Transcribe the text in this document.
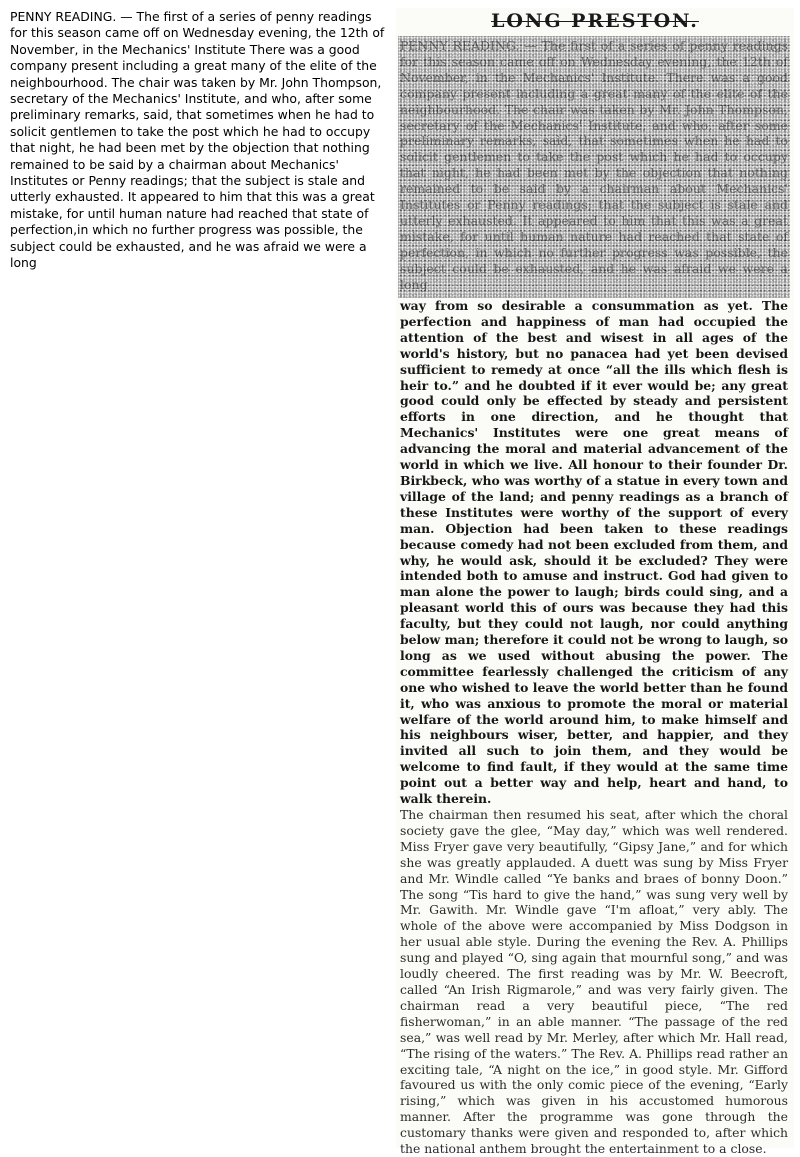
PENNY READING. — The first of a series of penny readings for this season came off on Wednesday evening, the 12th of November, in the Mechanics' Institute There was a good company present including a great many of the elite of the neighbourhood. The chair was taken by Mr. John Thompson, secretary of the Mechanics' Institute, and who, after some preliminary remarks, said, that sometimes when he had to solicit gentlemen to take the post which he had to occupy that night, he had been met by the objection that nothing remained to be said by a chairman about Mechanics' Institutes or Penny readings; that the subject is stale and utterly exhausted. It appeared to him that this was a great mistake, for until human nature had reached that state of perfection,in which no further progress was possible, the subject could be exhausted, and he was afraid we were a long

LONG PRESTON.

PENNY READING. — The first of a series of penny readings for this season came off on Wednesday evening, the 12th of November, in the Mechanics' Institute. There was a good company present including a great many of the elite of the neighbourhood. The chair was taken by Mr. John Thompson, secretary of the Mechanics' Institute, and who, after some preliminary remarks, said, that sometimes when he had to solicit gentlemen to take the post which he had to occupy that night, he had been met by the objection that nothing remained to be said by a chairman about Mechanics' Institutes or Penny readings; that the subject is stale and utterly exhausted. It appeared to him that this was a great mistake, for until human nature had reached that state of perfection, in which no further progress was possible, the subject could be exhausted, and he was afraid we were a long

way from so desirable a consummation as yet. The perfection and happiness of man had occupied the attention of the best and wisest in all ages of the world's history, but no panacea had yet been devised sufficient to remedy at once “all the ills which flesh is heir to.” and he doubted if it ever would be; any great good could only be effected by steady and persistent efforts in one direction, and he thought that Mechanics' Institutes were one great means of advancing the moral and material advancement of the world in which we live. All honour to their founder Dr. Birkbeck, who was worthy of a statue in every town and village of the land; and penny readings as a branch of these Institutes were worthy of the support of every man. Objection had been taken to these readings because comedy had not been excluded from them, and why, he would ask, should it be excluded? They were intended both to amuse and instruct. God had given to man alone the power to laugh; birds could sing, and a pleasant world this of ours was because they had this faculty, but they could not laugh, nor could anything below man; therefore it could not be wrong to laugh, so long as we used without abusing the power. The committee fearlessly challenged the criticism of any one who wished to leave the world better than he found it, who was anxious to promote the moral or material welfare of the world around him, to make himself and his neighbours wiser, better, and happier, and they invited all such to join them, and they would be welcome to find fault, if they would at the same time point out a better way and help, heart and hand, to walk therein.

The chairman then resumed his seat, after which the choral society gave the glee, “May day,” which was well rendered. Miss Fryer gave very beautifully, “Gipsy Jane,” and for which she was greatly applauded. A duett was sung by Miss Fryer and Mr. Windle called “Ye banks and braes of bonny Doon.” The song “Tis hard to give the hand,” was sung very well by Mr. Gawith. Mr. Windle gave “I'm afloat,” very ably. The whole of the above were accompanied by Miss Dodgson in her usual able style. During the evening the Rev. A. Phillips sung and played “O, sing again that mournful song,” and was loudly cheered. The first reading was by Mr. W. Beecroft, called “An Irish Rigmarole,” and was very fairly given. The chairman read a very beautiful piece, “The red fisherwoman,” in an able manner. “The passage of the red sea,” was well read by Mr. Merley, after which Mr. Hall read, “The rising of the waters.” The Rev. A. Phillips read rather an exciting tale, “A night on the ice,” in good style. Mr. Gifford favoured us with the only comic piece of the evening, “Early rising,” which was given in his accustomed humorous manner. After the programme was gone through the customary thanks were given and responded to, after which the national anthem brought the entertainment to a close.
